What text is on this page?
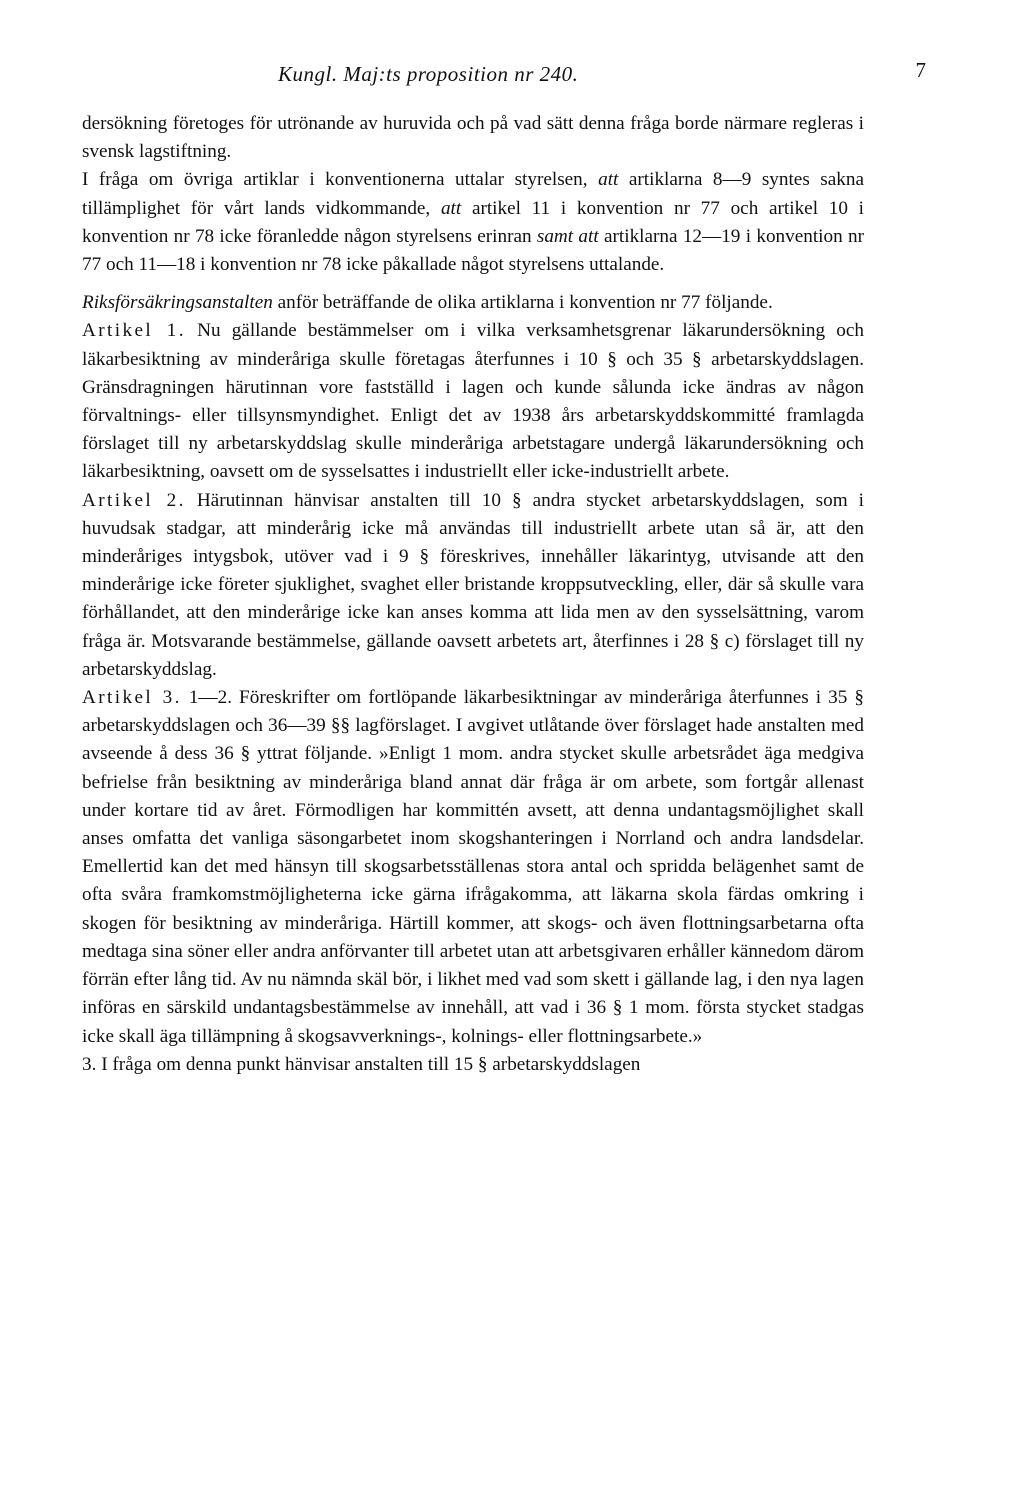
Kungl. Maj:ts proposition nr 240.	7

dersökning företoges för utrönande av huruvida och på vad sätt denna fråga borde närmare regleras i svensk lagstiftning.

I fråga om övriga artiklar i konventionerna uttalar styrelsen, att artiklarna 8—9 syntes sakna tillämplighet för vårt lands vidkommande, att artikel 11 i konvention nr 77 och artikel 10 i konvention nr 78 icke föranledde någon styrelsens erinran samt att artiklarna 12—19 i konvention nr 77 och 11—18 i konvention nr 78 icke påkallade något styrelsens uttalande.

Riksförsäkringsanstalten anför beträffande de olika artiklarna i konvention nr 77 följande.

Artikel 1. Nu gällande bestämmelser om i vilka verksamhetsgrenar läkarundersökning och läkarbesiktning av minderåriga skulle företagas återfunnes i 10 § och 35 § arbetarskyddslagen. Gränsdragningen härutinnan vore fastställd i lagen och kunde sålunda icke ändras av någon förvaltnings- eller tillsynsmyndighet. Enligt det av 1938 års arbetarskyddskommitté framlagda förslaget till ny arbetarskyddslag skulle minderåriga arbetstagare undergå läkarundersökning och läkarbesiktning, oavsett om de sysselsattes i industriellt eller icke-industriellt arbete.

Artikel 2. Härutinnan hänvisar anstalten till 10 § andra stycket arbetarskyddslagen, som i huvudsak stadgar, att minderårig icke må användas till industriellt arbete utan så är, att den minderåriges intygsbok, utöver vad i 9 § föreskrives, innehåller läkarintyg, utvisande att den minderårige icke företer sjuklighet, svaghet eller bristande kroppsutveckling, eller, där så skulle vara förhållandet, att den minderårige icke kan anses komma att lida men av den sysselsättning, varom fråga är. Motsvarande bestämmelse, gällande oavsett arbetets art, återfinnes i 28 § c) förslaget till ny arbetarskyddslag.

Artikel 3. 1—2. Föreskrifter om fortlöpande läkarbesiktningar av minderåriga återfunnes i 35 § arbetarskyddslagen och 36—39 §§ lagförslaget. I avgivet utlåtande över förslaget hade anstalten med avseende å dess 36 § yttrat följande. »Enligt 1 mom. andra stycket skulle arbetsrådet äga medgiva befrielse från besiktning av minderåriga bland annat där fråga är om arbete, som fortgår allenast under kortare tid av året. Förmodligen har kommittén avsett, att denna undantagsmöjlighet skall anses omfatta det vanliga säsongarbetet inom skogshanteringen i Norrland och andra landsdelar. Emellertid kan det med hänsyn till skogsarbetsställenas stora antal och spridda belägenhet samt de ofta svåra framkomstmöjligheterna icke gärna ifrågakomma, att läkarna skola färdas omkring i skogen för besiktning av minderåriga. Härtill kommer, att skogs- och även flottningsarbetarna ofta medtaga sina söner eller andra anförvanter till arbetet utan att arbetsgivaren erhåller kännedom därom förrän efter lång tid. Av nu nämnda skäl bör, i likhet med vad som skett i gällande lag, i den nya lagen införas en särskild undantagsbestämmelse av innehåll, att vad i 36 § 1 mom. första stycket stadgas icke skall äga tillämpning å skogsavverknings-, kolnings- eller flottningsarbete.»

3. I fråga om denna punkt hänvisar anstalten till 15 § arbetarskyddslagen
